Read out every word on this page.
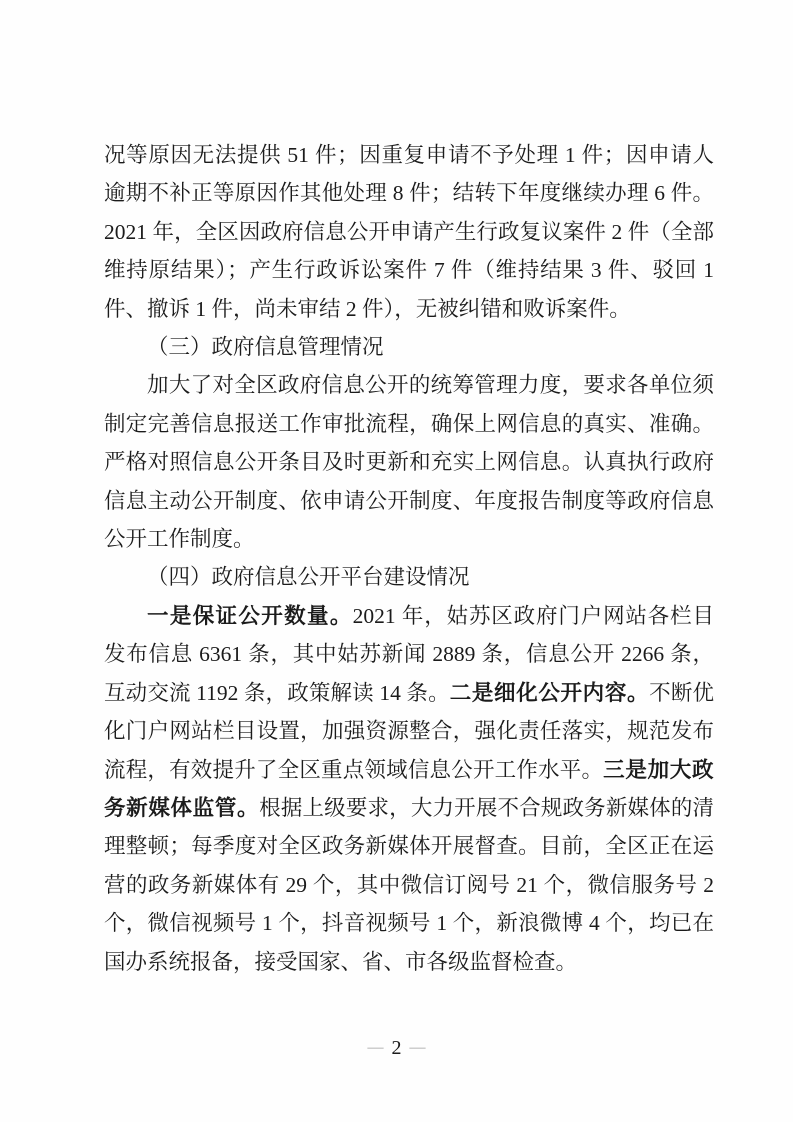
况等原因无法提供 51 件；因重复申请不予处理 1 件；因申请人逾期不补正等原因作其他处理 8 件；结转下年度继续办理 6 件。2021 年，全区因政府信息公开申请产生行政复议案件 2 件（全部维持原结果）；产生行政诉讼案件 7 件（维持结果 3 件、驳回 1 件、撤诉 1 件，尚未审结 2 件），无被纠错和败诉案件。

（三）政府信息管理情况

加大了对全区政府信息公开的统筹管理力度，要求各单位须制定完善信息报送工作审批流程，确保上网信息的真实、准确。严格对照信息公开条目及时更新和充实上网信息。认真执行政府信息主动公开制度、依申请公开制度、年度报告制度等政府信息公开工作制度。

（四）政府信息公开平台建设情况

一是保证公开数量。2021 年，姑苏区政府门户网站各栏目发布信息 6361 条，其中姑苏新闻 2889 条，信息公开 2266 条，互动交流 1192 条，政策解读 14 条。二是细化公开内容。不断优化门户网站栏目设置，加强资源整合，强化责任落实，规范发布流程，有效提升了全区重点领域信息公开工作水平。三是加大政务新媒体监管。根据上级要求，大力开展不合规政务新媒体的清理整顿；每季度对全区政务新媒体开展督查。目前，全区正在运营的政务新媒体有 29 个，其中微信订阅号 21 个，微信服务号 2 个，微信视频号 1 个，抖音视频号 1 个，新浪微博 4 个，均已在国办系统报备，接受国家、省、市各级监督检查。

— 2 —
